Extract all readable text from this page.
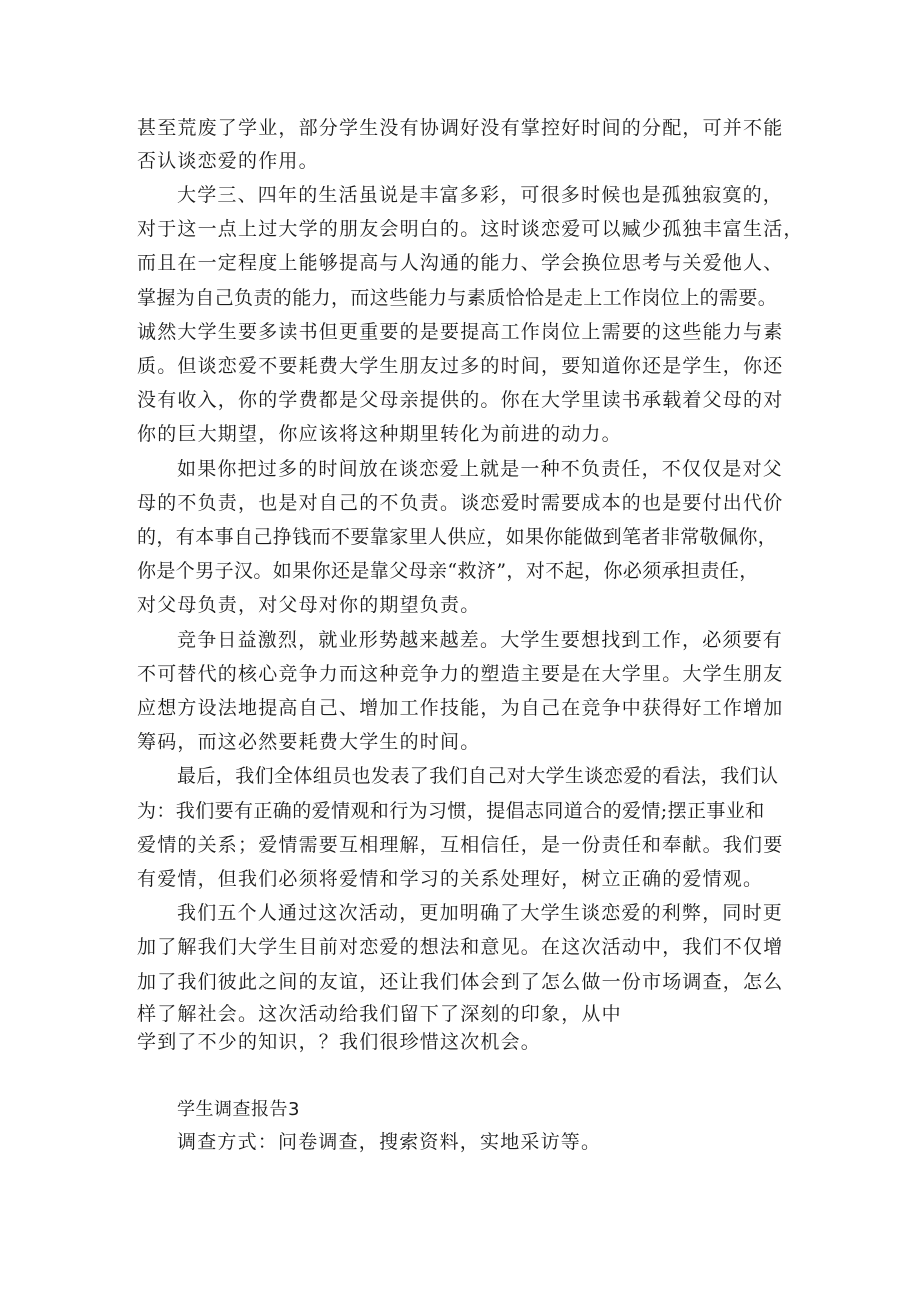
甚至荒废了学业，部分学生没有协调好没有掌控好时间的分配，可并不能
否认谈恋爱的作用。
大学三、四年的生活虽说是丰富多彩，可很多时候也是孤独寂寞的，
对于这一点上过大学的朋友会明白的。这时谈恋爱可以臧少孤独丰富生活，
而且在一定程度上能够提高与人沟通的能力、学会换位思考与关爱他人、
掌握为自己负责的能力，而这些能力与素质恰恰是走上工作岗位上的需要。
诚然大学生要多读书但更重要的是要提高工作岗位上需要的这些能力与素
质。但谈恋爱不要耗费大学生朋友过多的时间，要知道你还是学生，你还
没有收入，你的学费都是父母亲提供的。你在大学里读书承载着父母的对
你的巨大期望，你应该将这种期里转化为前进的动力。
如果你把过多的时间放在谈恋爱上就是一种不负责任，不仅仅是对父
母的不负责，也是对自己的不负责。谈恋爱时需要成本的也是要付出代价
的，有本事自己挣钱而不要靠家里人供应，如果你能做到笔者非常敬佩你，
你是个男子汉。如果你还是靠父母亲“救济”，对不起，你必须承担责任，
对父母负责，对父母对你的期望负责。
竞争日益激烈，就业形势越来越差。大学生要想找到工作，必须要有
不可替代的核心竞争力而这种竞争力的塑造主要是在大学里。大学生朋友
应想方设法地提高自己、增加工作技能，为自己在竞争中获得好工作增加
筹码，而这必然要耗费大学生的时间。
最后，我们全体组员也发表了我们自己对大学生谈恋爱的看法，我们认
为：我们要有正确的爱情观和行为习惯，提倡志同道合的爱情;摆正事业和
爱情的关系；爱情需要互相理解，互相信任，是一份责任和奉献。我们要
有爱情，但我们必须将爱情和学习的关系处理好，树立正确的爱情观。
我们五个人通过这次活动，更加明确了大学生谈恋爱的利弊，同时更
加了解我们大学生目前对恋爱的想法和意见。在这次活动中，我们不仅增
加了我们彼此之间的友谊，还让我们体会到了怎么做一份市场调查，怎么
样了解社会。这次活动给我们留下了深刻的印象，从中
学到了不少的知识，？我们很珍惜这次机会。
学生调查报告3
调查方式：问卷调查，搜索资料，实地采访等。
